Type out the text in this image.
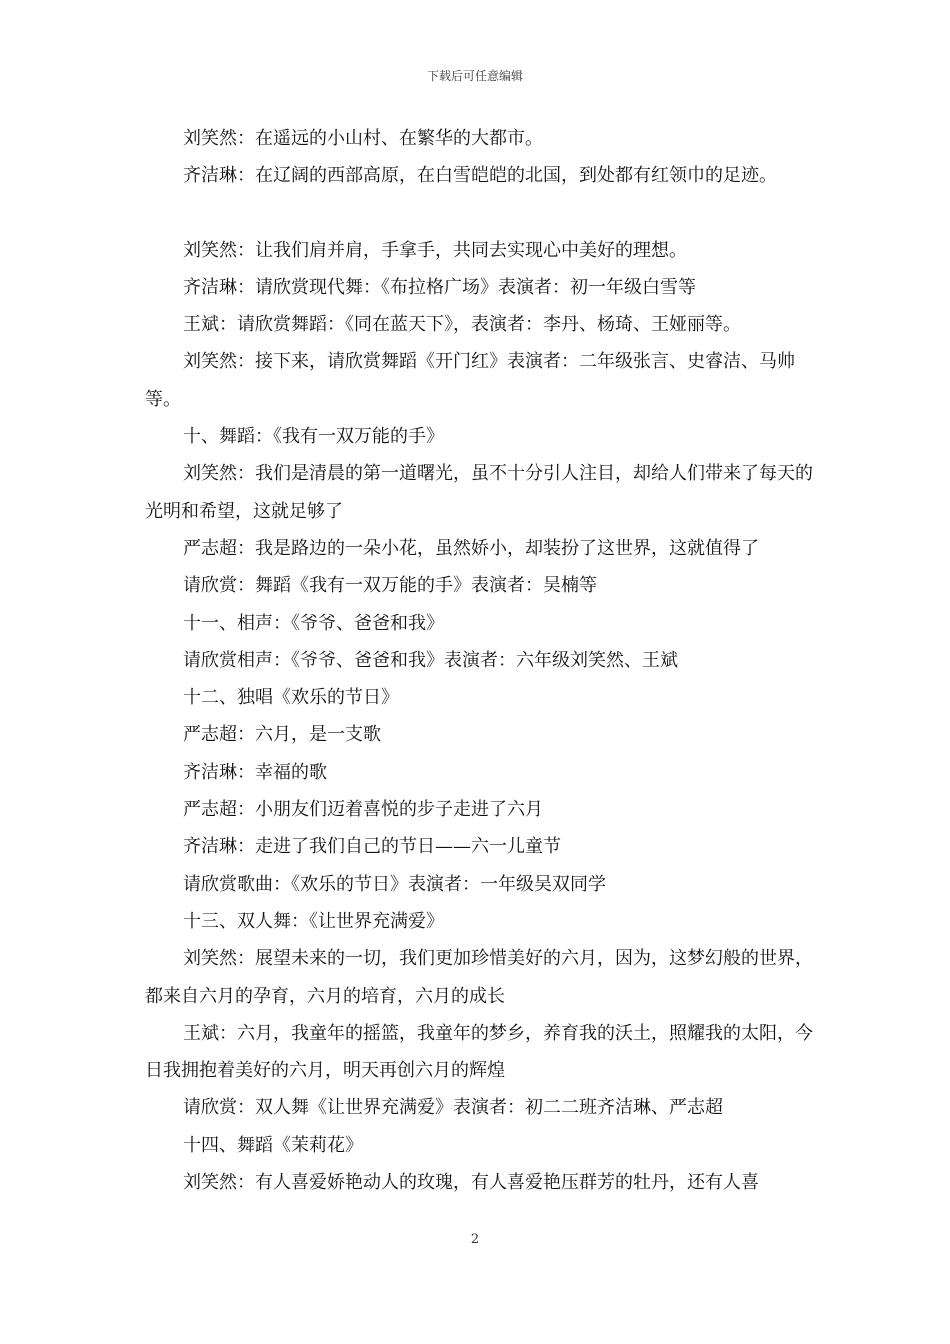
下载后可任意编辑

刘笑然：在遥远的小山村、在繁华的大都市。

齐洁琳：在辽阔的西部高原，在白雪皑皑的北国，到处都有红领巾的足迹。

刘笑然：让我们肩并肩，手拿手，共同去实现心中美好的理想。

齐洁琳：请欣赏现代舞：《布拉格广场》表演者：初一年级白雪等

王斌：请欣赏舞蹈：《同在蓝天下》，表演者：李丹、杨琦、王娅丽等。

刘笑然：接下来，请欣赏舞蹈《开门红》表演者：二年级张言、史睿洁、马帅等。

十、舞蹈：《我有一双万能的手》

刘笑然：我们是清晨的第一道曙光，虽不十分引人注目，却给人们带来了每天的光明和希望，这就足够了

严志超：我是路边的一朵小花，虽然娇小，却装扮了这世界，这就值得了

请欣赏：舞蹈《我有一双万能的手》表演者：吴楠等

十一、相声：《爷爷、爸爸和我》

请欣赏相声：《爷爷、爸爸和我》表演者：六年级刘笑然、王斌

十二、独唱《欢乐的节日》

严志超：六月，是一支歌

齐洁琳：幸福的歌

严志超：小朋友们迈着喜悦的步子走进了六月

齐洁琳：走进了我们自己的节日——六一儿童节

请欣赏歌曲：《欢乐的节日》表演者：一年级吴双同学

十三、双人舞：《让世界充满爱》

刘笑然：展望未来的一切，我们更加珍惜美好的六月，因为，这梦幻般的世界，都来自六月的孕育，六月的培育，六月的成长

王斌：六月，我童年的摇篮，我童年的梦乡，养育我的沃土，照耀我的太阳，今日我拥抱着美好的六月，明天再创六月的辉煌

请欣赏：双人舞《让世界充满爱》表演者：初二二班齐洁琳、严志超

十四、舞蹈《茉莉花》

刘笑然：有人喜爱娇艳动人的玫瑰，有人喜爱艳压群芳的牡丹，还有人喜

2
